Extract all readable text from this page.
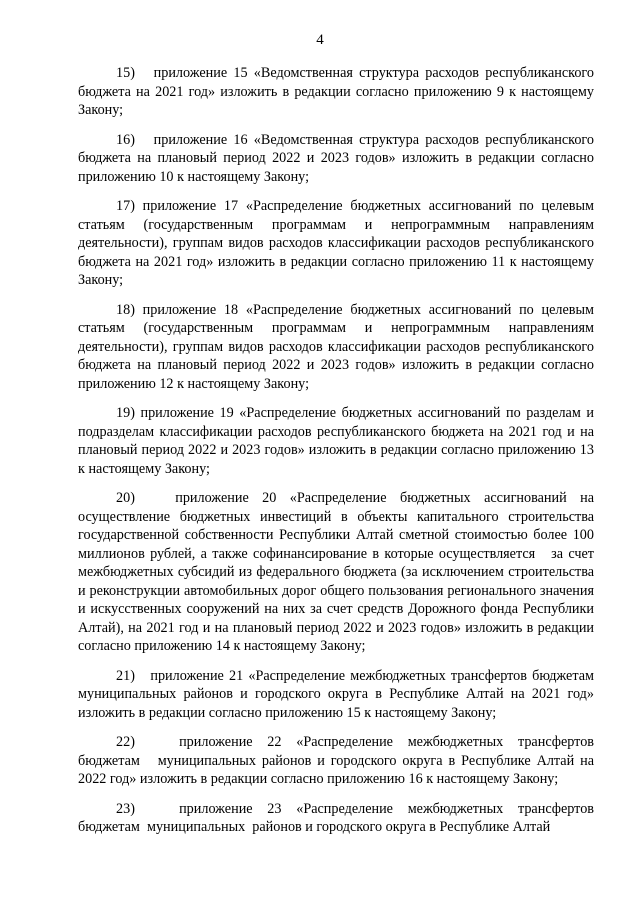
4

15)   приложение 15 «Ведомственная структура расходов республиканского бюджета на 2021 год» изложить в редакции согласно приложению 9 к настоящему Закону;

16)   приложение 16 «Ведомственная структура расходов республиканского бюджета на плановый период 2022 и 2023 годов» изложить в редакции согласно приложению 10 к настоящему Закону;

17) приложение 17 «Распределение бюджетных ассигнований по целевым статьям (государственным программам и непрограммным направлениям деятельности), группам видов расходов классификации расходов республиканского бюджета на 2021 год» изложить в редакции согласно приложению 11 к настоящему Закону;

18) приложение 18 «Распределение бюджетных ассигнований по целевым статьям (государственным программам и непрограммным направлениям деятельности), группам видов расходов классификации расходов республиканского бюджета на плановый период 2022 и 2023 годов» изложить в редакции согласно приложению 12 к настоящему Закону;

19) приложение 19 «Распределение бюджетных ассигнований по разделам и подразделам классификации расходов республиканского бюджета на 2021 год и на плановый период 2022 и 2023 годов» изложить в редакции согласно приложению 13 к настоящему Закону;

20)   приложение 20 «Распределение бюджетных ассигнований на осуществление бюджетных инвестиций в объекты капитального строительства государственной собственности Республики Алтай сметной стоимостью более 100 миллионов рублей, а также софинансирование в которые осуществляется   за счет межбюджетных субсидий из федерального бюджета (за исключением строительства и реконструкции автомобильных дорог общего пользования регионального значения и искусственных сооружений на них за счет средств Дорожного фонда Республики Алтай), на 2021 год и на плановый период 2022 и 2023 годов» изложить в редакции согласно приложению 14 к настоящему Закону;

21)   приложение 21 «Распределение межбюджетных трансфертов бюджетам муниципальных районов и городского округа в Республике Алтай на 2021 год» изложить в редакции согласно приложению 15 к настоящему Закону;

22)   приложение 22 «Распределение межбюджетных трансфертов бюджетам   муниципальных районов и городского округа в Республике Алтай на 2022 год» изложить в редакции согласно приложению 16 к настоящему Закону;

23)   приложение 23 «Распределение межбюджетных трансфертов бюджетам  муниципальных  районов и городского округа в Республике Алтай
